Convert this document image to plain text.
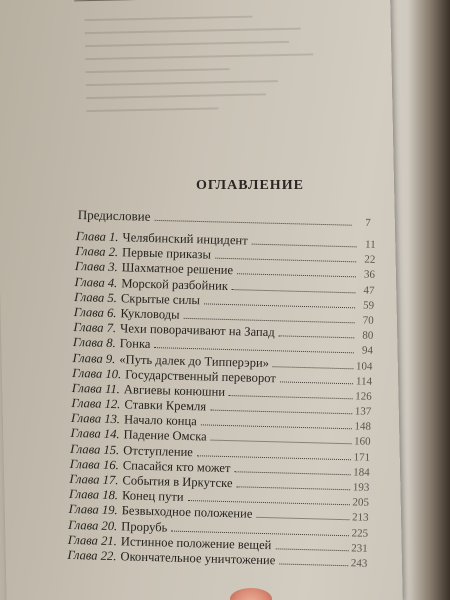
ОГЛАВЛЕНИЕ
Предисловие	7
Глава 1. Челябинский инцидент	11
Глава 2. Первые приказы	22
Глава 3. Шахматное решение	36
Глава 4. Морской разбойник	47
Глава 5. Скрытые силы	59
Глава 6. Кукловоды	70
Глава 7. Чехи поворачивают на Запад	80
Глава 8. Гонка	94
Глава 9. «Путь далек до Типперэри»	104
Глава 10. Государственный переворот	114
Глава 11. Авгиевы конюшни	126
Глава 12. Ставки Кремля	137
Глава 13. Начало конца	148
Глава 14. Падение Омска	160
Глава 15. Отступление	171
Глава 16. Спасайся кто может	184
Глава 17. События в Иркутске	193
Глава 18. Конец пути	205
Глава 19. Безвыходное положение	213
Глава 20. Прорубь	225
Глава 21. Истинное положение вещей	231
Глава 22. Окончательное уничтожение	243
